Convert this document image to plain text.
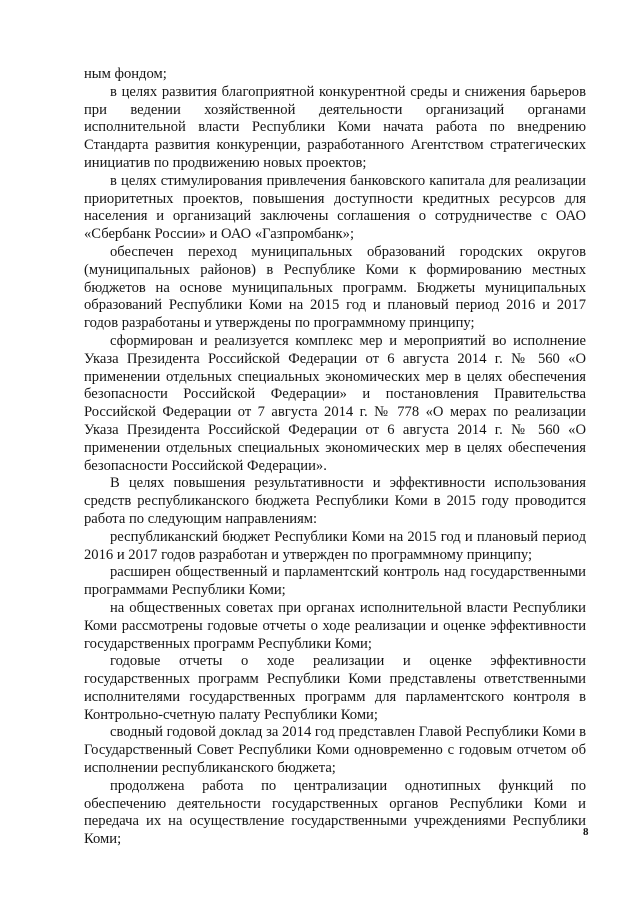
ным фондом;

в целях развития благоприятной конкурентной среды и снижения барьеров при ведении хозяйственной деятельности организаций органами исполнительной власти Республики Коми начата работа по внедрению Стандарта развития конкуренции, разработанного Агентством стратегических инициатив по продвижению новых проектов;

в целях стимулирования привлечения банковского капитала для реализации приоритетных проектов, повышения доступности кредитных ресурсов для населения и организаций заключены соглашения о сотрудничестве с ОАО «Сбербанк России» и ОАО «Газпромбанк»;

обеспечен переход муниципальных образований городских округов (муниципальных районов) в Республике Коми к формированию местных бюджетов на основе муниципальных программ. Бюджеты муниципальных образований Республики Коми на 2015 год и плановый период 2016 и 2017 годов разработаны и утверждены по программному принципу;

сформирован и реализуется комплекс мер и мероприятий во исполнение Указа Президента Российской Федерации от 6 августа 2014 г. № 560 «О применении отдельных специальных экономических мер в целях обеспечения безопасности Российской Федерации» и постановления Правительства Российской Федерации от 7 августа 2014 г. № 778 «О мерах по реализации Указа Президента Российской Федерации от 6 августа 2014 г. № 560 «О применении отдельных специальных экономических мер в целях обеспечения безопасности Российской Федерации».

В целях повышения результативности и эффективности использования средств республиканского бюджета Республики Коми в 2015 году проводится работа по следующим направлениям:

республиканский бюджет Республики Коми на 2015 год и плановый период 2016 и 2017 годов разработан и утвержден по программному принципу;

расширен общественный и парламентский контроль над государственными программами Республики Коми;

на общественных советах при органах исполнительной власти Республики Коми рассмотрены годовые отчеты о ходе реализации и оценке эффективности государственных программ Республики Коми;

годовые отчеты о ходе реализации и оценке эффективности государственных программ Республики Коми представлены ответственными исполнителями государственных программ для парламентского контроля в Контрольно-счетную палату Республики Коми;

сводный годовой доклад за 2014 год представлен Главой Республики Коми в Государственный Совет Республики Коми одновременно с годовым отчетом об исполнении республиканского бюджета;

продолжена работа по централизации однотипных функций по обеспечению деятельности государственных органов Республики Коми и передача их на осуществление государственными учреждениями Республики Коми;	8
